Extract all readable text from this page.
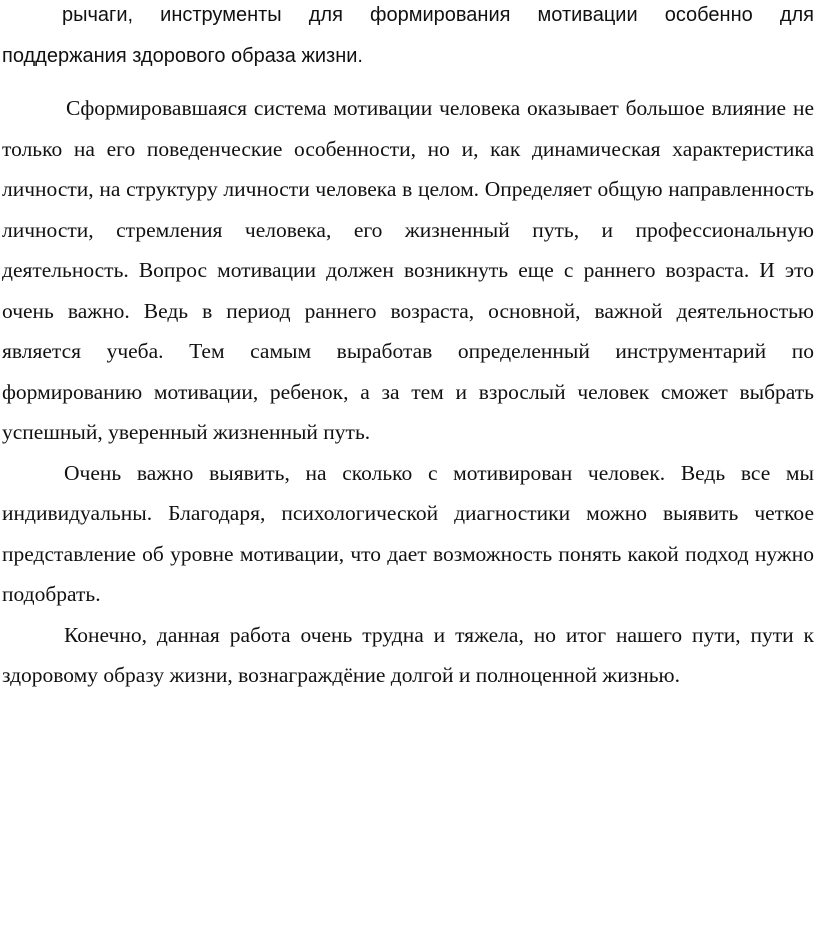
рычаги, инструменты для формирования мотивации особенно для поддержания здорового образа жизни.

Сформировавшаяся система мотивации человека оказывает большое влияние не только на его поведенческие особенности, но и, как динамическая характеристика личности, на структуру личности человека в целом. Определяет общую направленность личности, стремления человека, его жизненный путь, и профессиональную деятельность. Вопрос мотивации должен возникнуть еще с раннего возраста. И это очень важно. Ведь в период раннего возраста, основной, важной деятельностью является учеба. Тем самым выработав определенный инструментарий по формированию мотивации, ребенок, а за тем и взрослый человек сможет выбрать успешный, уверенный жизненный путь.

Очень важно выявить, на сколько с мотивирован человек. Ведь все мы индивидуальны. Благодаря, психологической диагностики можно выявить четкое представление об уровне мотивации, что дает возможность понять какой подход нужно подобрать.

Конечно, данная работа очень трудна и тяжела, но итог нашего пути, пути к здоровому образу жизни, вознаграждёние долгой и полноценной жизнью.
